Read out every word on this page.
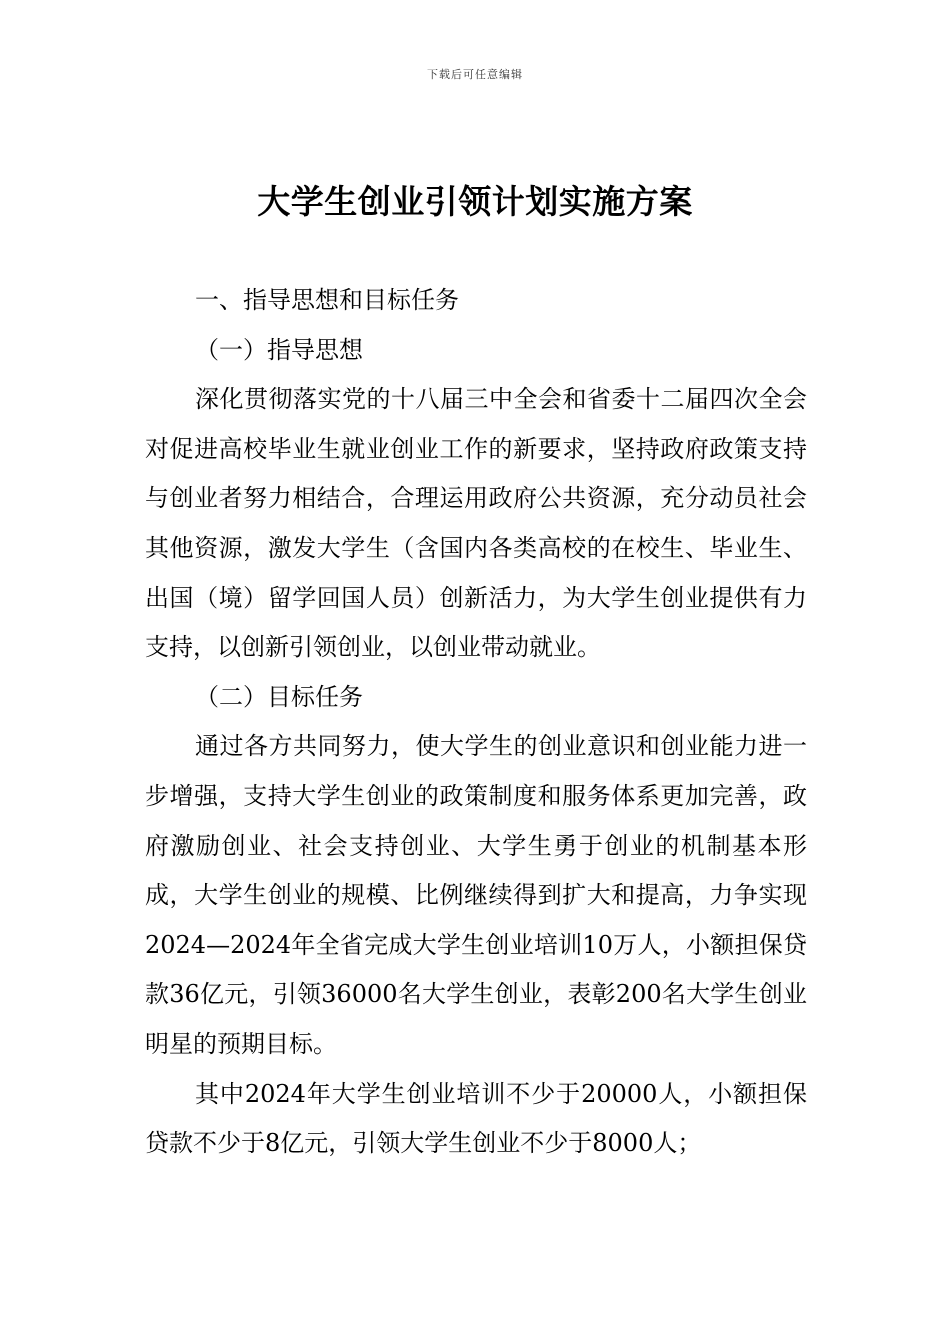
下载后可任意编辑
大学生创业引领计划实施方案

一、指导思想和目标任务

（一）指导思想

深化贯彻落实党的十八届三中全会和省委十二届四次全会对促进高校毕业生就业创业工作的新要求，坚持政府政策支持与创业者努力相结合，合理运用政府公共资源，充分动员社会其他资源，激发大学生（含国内各类高校的在校生、毕业生、出国（境）留学回国人员）创新活力，为大学生创业提供有力支持，以创新引领创业，以创业带动就业。

（二）目标任务

通过各方共同努力，使大学生的创业意识和创业能力进一步增强，支持大学生创业的政策制度和服务体系更加完善，政府激励创业、社会支持创业、大学生勇于创业的机制基本形成，大学生创业的规模、比例继续得到扩大和提高，力争实现2024—2024年全省完成大学生创业培训10万人，小额担保贷款36亿元，引领36000名大学生创业，表彰200名大学生创业明星的预期目标。

其中2024年大学生创业培训不少于20000人，小额担保贷款不少于8亿元，引领大学生创业不少于8000人；
